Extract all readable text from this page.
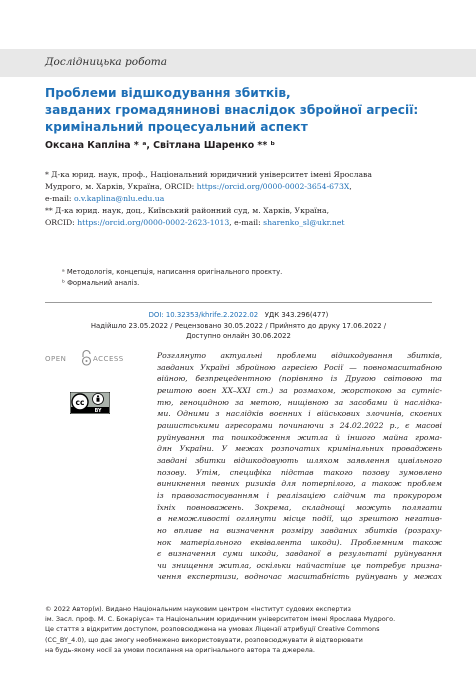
Дослідницька робота
Проблеми відшкодування збитків,
завданих громадянинові внаслідок збройної агресії:
кримінальний процесуальний аспект
Оксана Капліна * ᵃ, Світлана Шаренко ** ᵇ
* Д-ка юрид. наук, проф., Національний юридичний університет імені Ярослава
Мудрого, м. Харків, Україна, ORCID: https://orcid.org/0000-0002-3654-673X,
e-mail: o.v.kaplina@nlu.edu.ua
** Д-ка юрид. наук, доц., Київський районний суд, м. Харків, Україна,
ORCID: https://orcid.org/0000-0002-2623-1013, e-mail: sharenko_sl@ukr.net
ᵃ Методологія, концепція, написання оригінального проєкту.
ᵇ Формальний аналіз.
DOI: 10.32353/khrife.2.2022.02 УДК 343.296(477)
Надійшло 23.05.2022 / Рецензовано 30.05.2022 / Прийнято до друку 17.06.2022 /
Доступно онлайн 30.06.2022
OPEN	ACCESS
cc
BY
Розглянуто актуальні проблеми відшкодування збитків,
завданих Україні збройною агресією Росії — повномасштабною
війною, безпрецедентною (порівняно із Другою світовою та
рештою воєн XX–XXI ст.) за розмахом, жорстокою за сутніс-
тю, геноцидною за метою, нищівною за засобами й наслідка-
ми. Одними з наслідків воєнних і військових злочинів, скоєних
рашистськими агресорами починаючи з 24.02.2022 р., є масові
руйнування та пошкодження житла й іншого майна грома-
дян України. У межах розпочатих кримінальних проваджень
завдані збитки відшкодовують шляхом заявлення цивільного
позову. Утім, специфіка підстав такого позову зумовлено
виникнення певних ризиків для потерпілого, а також проблем
із правозастосуванням і реалізацією слідчим та прокурором
їхніх повноважень. Зокрема, складнощі можуть полягати
в неможливості оглянути місце події, що зрештою негатив-
но впливе на визначення розміру завданих збитків (розраху-
нок матеріального еквівалента шкоди). Проблемним також
є визначення суми шкоди, завданої в результаті руйнування
чи знищення житла, оскільки найчастіше це потребує призна-
чення експертизи, водночас масштабність руйнувань у межах
© 2022 Автор(и). Видано Національним науковим центром «Інститут судових експертиз
ім. Засл. проф. М. С. Бокаріуса» та Національним юридичним університетом імені Ярослава Мудрого.
Це стаття з відкритим доступом, розповсюджена на умовах Ліцензії атрибуції Creative Commons
(CC_BY_4.0), що дає змогу необмежено використовувати, розповсюджувати й відтворювати
на будь-якому носії за умови посилання на оригінального автора та джерела.
